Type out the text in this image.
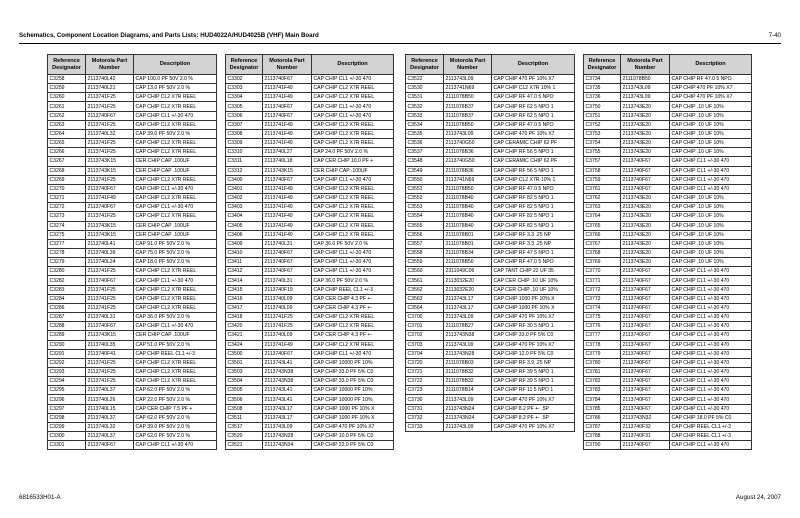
Schematics, Component Location Diagrams, and Parts Lists: HUD4022A/HUD4025B (VHF) Main Board	7-40
Reference Designator	Motorola Part Number	Description
C3258	2113740L42	CAP 100.0 PF 50V 2.0 %
C3259	2113740L21	CAP 13.0 PF 50V 2.0 %
C3260	2113741F25	CAP CHIP CL2 X7R REEL
C3261	2113741F25	CAP CHIP CL2 X7R REEL
C3262	2113740F67	CAP CHIP CL1 +/-30 470
C3263	2113741F25	CAP CHIP CL2 X7R REEL
C3264	2113740L32	CAP 39.0 PF 50V 2.0 %
C3265	2113741F25	CAP CHIP CL2 X7R REEL
C3266	2113741F25	CAP CHIP CL2 X7R REEL
C3267	2113743K15	CER CHIP CAP .100UF
C3268	2113743K15	CER CHIP CAP .100UF
C3269	2113741F25	CAP CHIP CL2 X7R REEL
C3270	2113740F67	CAP CHIP CL1 +/-30 470
C3271	2113741F49	CAP CHIP CL2 X7R REEL
C3272	2113740F67	CAP CHIP CL1 +/-30 470
C3273	2113741F25	CAP CHIP CL2 X7R REEL
C3274	2113743K15	CER CHIP CAP .100UF
C3275	2113743K15	CER CHIP CAP .100UF
C3277	2113740L41	CAP 91.0 PF 50V 2.0 %
C3278	2113740L39	CAP 75.0 PF 50V 2.0 %
C3279	2113740L24	CAP 18.0 PF 50V 2.0 %
C3280	2113741F25	CAP CHIP CL2 X7R REEL
C3282	2113740F67	CAP CHIP CL1 +/-30 470
C3283	2113741F25	CAP CHIP CL2 X7R REEL
C3284	2113741F25	CAP CHIP CL2 X7R REEL
C3286	2113741F25	CAP CHIP CL2 X7R REEL
C3287	2113740L31	CAP 36.0 PF 50V 2.0 %
C3288	2113740F67	CAP CHIP CL1 +/-30 470
C3289	2113743K15	CER CHIP CAP .100UF
C3290	2113740L35	CAP 51.0 PF 50V 2.0 %
C3291	2113740F41	CAP CHIP REEL CL1 +/-3
C3292	2113741F25	CAP CHIP CL2 X7R REEL
C3293	2113741F25	CAP CHIP CL2 X7R REEL
C3294	2113741F25	CAP CHIP CL2 X7R REEL
C3295	2113740L37	CAP 62.0 PF 50V 2.0 %
C3296	2113740L26	CAP 22.0 PF 50V 2.0 %
C3297	2113740L15	CAP CER CHIP 7.5 PF +
C3298	2113740L37	CAP 62.0 PF 50V 2.0 %
C3299	2113740L32	CAP 39.0 PF 50V 2.0 %
C3300	2113740L37	CAP 62.0 PF 50V 2.0 %
C3301	2113740F67	CAP CHIP CL1 +/-30 470
Reference Designator	Motorola Part Number	Description
C3302	2113740F67	CAP CHIP CL1 +/-30 470
C3303	2113741F49	CAP CHIP CL2 X7R REEL
C3304	2113741F49	CAP CHIP CL2 X7R REEL
C3305	2113740F67	CAP CHIP CL1 +/-30 470
C3306	2113740F67	CAP CHIP CL1 +/-30 470
C3307	2113741F49	CAP CHIP CL2 X7R REEL
C3308	2113741F49	CAP CHIP CL2 X7R REEL
C3309	2113741F49	CAP CHIP CL2 X7R REEL
C3310	2113740L27	CAP 24.0 PF 50V 2.0 %
C3311	2113740L18	CAP CER CHIP 10.0 PF +
C3312	2113743K15	CER CHIP CAP .100UF
C3400	2113740F67	CAP CHIP CL1 +/-30 470
C3401	2113741F49	CAP CHIP CL2 X7R REEL
C3402	2113741F49	CAP CHIP CL2 X7R REEL
C3403	2113741F49	CAP CHIP CL2 X7R REEL
C3404	2113741F49	CAP CHIP CL2 X7R REEL
C3405	2113741F49	CAP CHIP CL2 X7R REEL
C3406	2113741F49	CAP CHIP CL2 X7R REEL
C3409	2113740L31	CAP 36.0 PF 50V 2.0 %
C3410	2113740F67	CAP CHIP CL1 +/-30 470
C3411	2113740F67	CAP CHIP CL1 +/-30 470
C3412	2113740F67	CAP CHIP CL1 +/-30 470
C3414	2113740L31	CAP 36.0 PF 50V 2.0 %
C3415	2113740F19	CAP CHIP REEL CL1 +/-3
C3416	2113740L09	CAP CER CHIP 4.3 PF +-
C3417	2113740L09	CAP CER CHIP 4.3 PF +-
C3418	2113741F25	CAP CHIP CL2 X7R REEL
C3420	2113741F25	CAP CHIP CL2 X7R REEL
C3421	2113740L09	CAP CER CHIP 4.3 PF +-
C3424	2113741F49	CAP CHIP CL2 X7R REEL
C3500	2113740F67	CAP CHIP CL1 +/-30 470
C3501	2113743L41	CAP CHIP 10000 PF 10%
C3503	2113743N38	CAP CHIP 33.0 PF 5% C0
C3504	2113743N38	CAP CHIP 33.0 PF 5% C0
C3505	2113743L41	CAP CHIP 10000 PF 10%
C3506	2113743L41	CAP CHIP 10000 PF 10%
C3508	2113743L17	CAP CHIP 1000 PF 10% X
C3511	2113743L17	CAP CHIP 1000 PF 10% X
C3517	2113743L09	CAP CHIP 470 PF 10% X7
C3520	2113743N28	CAP CHIP 10.0 PF 5% C0
C3521	2113743N34	CAP CHIP 22.0 PF 5% C0
Reference Designator	Motorola Part Number	Description
C3522	2113743L09	CAP CHIP 470 PF 10% X7
C3530	2113741N69	CAP CHIP CL2 X7R 10% 1
C3531	2111078B50	CAP CHIP RF 47.0 5 NPO
C3532	2111078B37	CAP CHIP RF 62 5 NPO 1
C3533	2111078B37	CAP CHIP RF 62 5 NPO 1
C3534	2111078B50	CAP CHIP RF 47.0 5 NPO
C3535	2113743L09	CAP CHIP 470 PF 10% X7
C3536	2113740G50	CAP CERAMIC CHIP 62 PF
C3537	2111078B36	CAP CHIP RF 56 5 NPO 1
C3548	2113740G50	CAP CERAMIC CHIP 62 PF
C3549	2111078B36	CAP CHIP RF 56 5 NPO 1
C3550	2113741N69	CAP CHIP CL2 X7R 10% 1
C3551	2111078B50	CAP CHIP RF 47.0 5 NPO
C3552	2111078B40	CAP CHIP RF 82 5 NPO 1
C3553	2111078B40	CAP CHIP RF 82 5 NPO 1
C3554	2111078B40	CAP CHIP RF 82 5 NPO 1
C3555	2111078B40	CAP CHIP RF 82 5 NPO 1
C3556	2111078B01	CAP CHIP RF 3.3 .25 NP
C3557	2111078B01	CAP CHIP RF 3.3 .25 NP
C3558	2111078B34	CAP CHIP RF 47 5 NPO 1
C3559	2111078B50	CAP CHIP RF 47.0 5 NPO
C3560	2311049C06	CAP TANT CHIP 22 UF 35
C3561	2113032E20	CAP CER CHIP .10 UF 10%
C3562	2113032E20	CAP CER CHIP .10 UF 10%
C3563	2113743L17	CAP CHIP 1000 PF 10% X
C3564	2113743L17	CAP CHIP 1000 PF 10% X
C3700	2113743L09	CAP CHIP 470 PF 10% X7
C3701	2111078B27	CAP CHIP RF 30 5 NPO 1
C3702	2113743N38	CAP CHIP 33.0 PF 5% C0
C3703	2113743L09	CAP CHIP 470 PF 10% X7
C3704	2113743N28	CAP CHIP 12.0 PF 5% C0
C3720	2111078B03	CAP CHIP RF 3.9 .25 NP
C3721	2111078B32	CAP CHIP RF 39 5 NPO 1
C3722	2111078B32	CAP CHIP RF 39 5 NPO 1
C3723	2111078B14	CAP CHIP RF 11 5 NPO 1
C3730	2113743L09	CAP CHIP 470 PF 10% X7
C3731	2113743N24	CAP CHIP 8.2 PF +- .5P
C3732	2113743N24	CAP CHIP 8.2 PF +- .5P
C3733	2113743L09	CAP CHIP 470 PF 10% X7
Reference Designator	Motorola Part Number	Description
C3734	2111078B50	CAP CHIP RF 47.0 5 NPO
C3735	2113743L09	CAP CHIP 470 PF 10% X7
C3736	2113743L09	CAP CHIP 470 PF 10% X7
C3750	2113743E20	CAP CHIP .10 UF 10%
C3751	2113743E20	CAP CHIP .10 UF 10%
C3752	2113743E20	CAP CHIP .10 UF 10%
C3753	2113743E20	CAP CHIP .10 UF 10%
C3754	2113743E20	CAP CHIP .10 UF 10%
C3755	2113743E20	CAP CHIP .10 UF 10%
C3757	2113740F67	CAP CHIP CL1 +/-30 470
C3758	2113740F67	CAP CHIP CL1 +/-30 470
C3759	2113740F67	CAP CHIP CL1 +/-30 470
C3761	2113740F67	CAP CHIP CL1 +/-30 470
C3762	2113743E20	CAP CHIP .10 UF 10%
C3763	2113743E20	CAP CHIP .10 UF 10%
C3764	2113743E20	CAP CHIP .10 UF 10%
C3765	2113743E20	CAP CHIP .10 UF 10%
C3766	2113743E20	CAP CHIP .10 UF 10%
C3767	2113743E20	CAP CHIP .10 UF 10%
C3768	2113743E20	CAP CHIP .10 UF 10%
C3769	2113743E20	CAP CHIP .10 UF 10%
C3770	2113740F67	CAP CHIP CL1 +/-30 470
C3771	2113740F67	CAP CHIP CL1 +/-30 470
C3772	2113740F67	CAP CHIP CL1 +/-30 470
C3773	2113740F67	CAP CHIP CL1 +/-30 470
C3774	2113740F67	CAP CHIP CL1 +/-30 470
C3775	2113740F67	CAP CHIP CL1 +/-30 470
C3776	2113740F67	CAP CHIP CL1 +/-30 470
C3777	2113740F67	CAP CHIP CL1 +/-30 470
C3778	2113740F67	CAP CHIP CL1 +/-30 470
C3779	2113740F67	CAP CHIP CL1 +/-30 470
C3780	2113740F67	CAP CHIP CL1 +/-30 470
C3781	2113740F67	CAP CHIP CL1 +/-30 470
C3782	2113740F67	CAP CHIP CL1 +/-30 470
C3783	2113740F67	CAP CHIP CL1 +/-30 470
C3784	2113740F67	CAP CHIP CL1 +/-30 470
C3785	2113740F67	CAP CHIP CL1 +/-30 470
C3786	2113743N32	CAP CHIP 18.0 PF 5% C0
C3787	2113740F32	CAP CHIP REEL CL1 +/-3
C3788	2113740F31	CAP CHIP REEL CL1 +/-3
C3790	2113740F67	CAP CHIP CL1 +/-30 470
6816533H01-A	August 24, 2007
